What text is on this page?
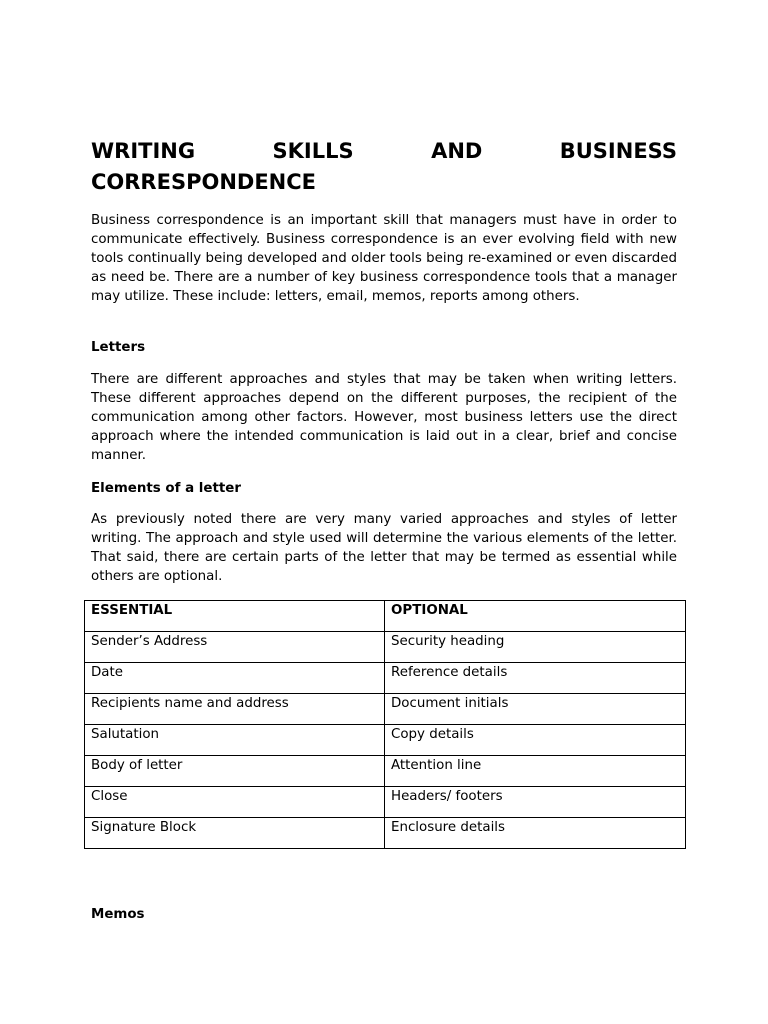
WRITING	SKILLS	AND	BUSINESS
CORRESPONDENCE

Business correspondence is an important skill that managers must have in order to communicate effectively. Business correspondence is an ever evolving field with new tools continually being developed and older tools being re-examined or even discarded as need be. There are a number of key business correspondence tools that a manager may utilize. These include: letters, email, memos, reports among others.

Letters

There are different approaches and styles that may be taken when writing letters. These different approaches depend on the different purposes, the recipient of the communication among other factors. However, most business letters use the direct approach where the intended communication is laid out in a clear, brief and concise manner.

Elements of a letter

As previously noted there are very many varied approaches and styles of letter writing. The approach and style used will determine the various elements of the letter. That said, there are certain parts of the letter that may be termed as essential while others are optional.

ESSENTIAL	OPTIONAL
Sender’s Address	Security heading
Date	Reference details
Recipients name and address	Document initials
Salutation	Copy details
Body of letter	Attention line
Close	Headers/ footers
Signature Block	Enclosure details

Memos
